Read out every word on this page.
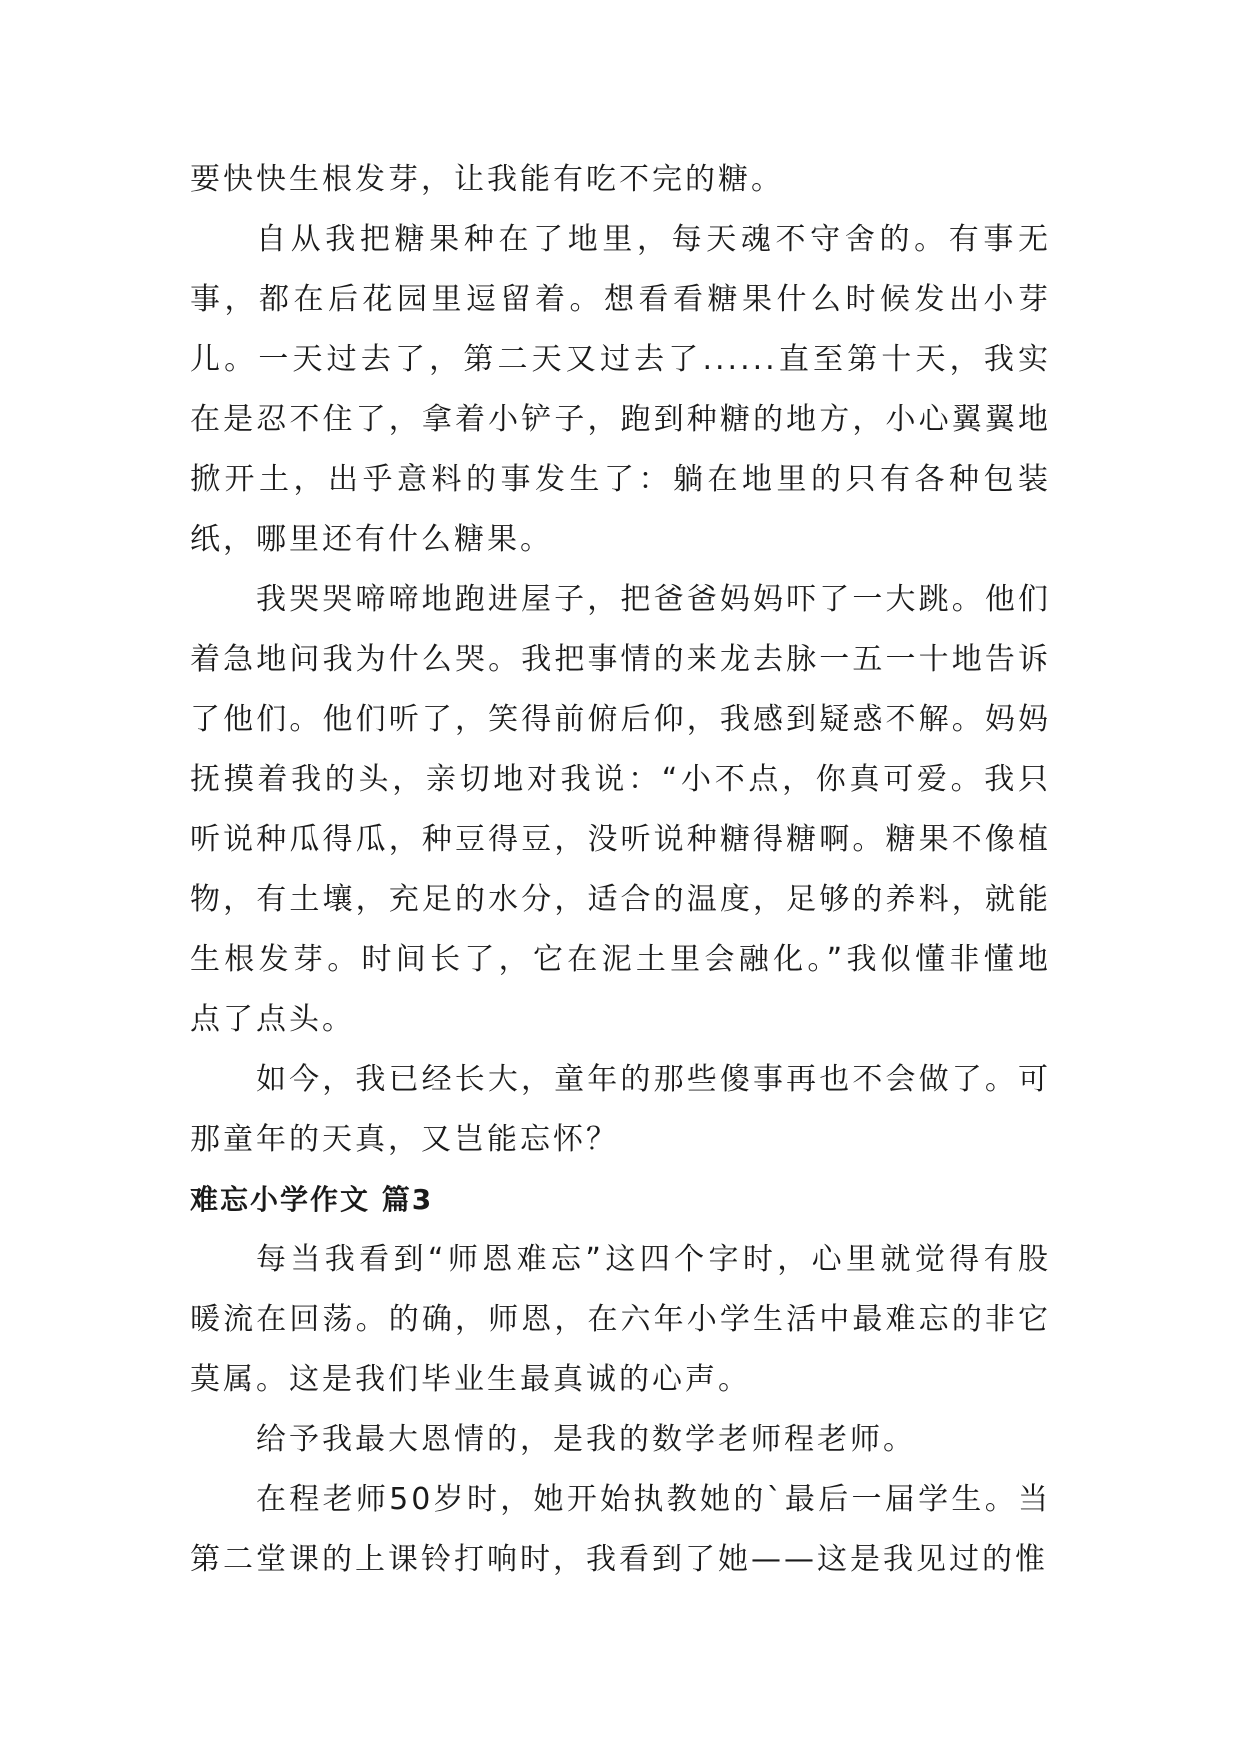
要快快生根发芽，让我能有吃不完的糖。

自从我把糖果种在了地里，每天魂不守舍的。有事无事，都在后花园里逗留着。想看看糖果什么时候发出小芽儿。一天过去了，第二天又过去了......直至第十天，我实在是忍不住了，拿着小铲子，跑到种糖的地方，小心翼翼地掀开土，出乎意料的事发生了：躺在地里的只有各种包装纸，哪里还有什么糖果。

我哭哭啼啼地跑进屋子，把爸爸妈妈吓了一大跳。他们着急地问我为什么哭。我把事情的来龙去脉一五一十地告诉了他们。他们听了，笑得前俯后仰，我感到疑惑不解。妈妈抚摸着我的头，亲切地对我说：“小不点，你真可爱。我只听说种瓜得瓜，种豆得豆，没听说种糖得糖啊。糖果不像植物，有土壤，充足的水分，适合的温度，足够的养料，就能生根发芽。时间长了，它在泥土里会融化。”我似懂非懂地点了点头。

如今，我已经长大，童年的那些傻事再也不会做了。可那童年的天真，又岂能忘怀？

难忘小学作文 篇3

每当我看到“师恩难忘”这四个字时，心里就觉得有股暖流在回荡。的确，师恩，在六年小学生活中最难忘的非它莫属。这是我们毕业生最真诚的心声。

给予我最大恩情的，是我的数学老师程老师。

在程老师50岁时，她开始执教她的`最后一届学生。当第二堂课的上课铃打响时，我看到了她——这是我见过的惟
